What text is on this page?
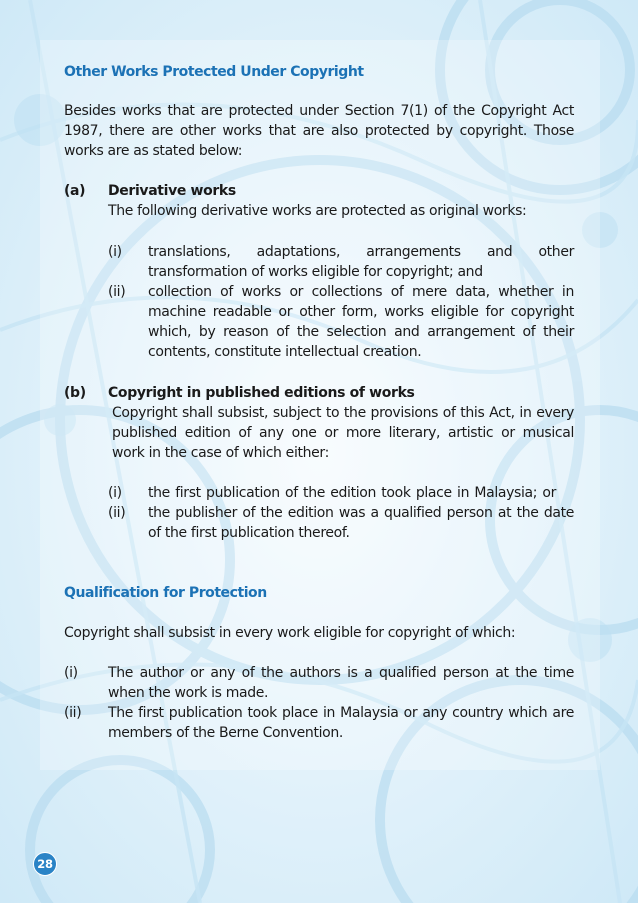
Other Works Protected Under Copyright
Besides works that are protected under Section 7(1) of the Copyright Act
1987, there are other works that are also protected by copyright. Those
works are as stated below:
(a) Derivative works
The following derivative works are protected as original works:
(i) translations, adaptations, arrangements and other
transformation of works eligible for copyright; and
(ii) collection of works or collections of mere data, whether in
machine readable or other form, works eligible for copyright
which, by reason of the selection and arrangement of their
contents, constitute intellectual creation.
(b) Copyright in published editions of works
Copyright shall subsist, subject to the provisions of this Act, in every
published edition of any one or more literary, artistic or musical
work in the case of which either:
(i) the first publication of the edition took place in Malaysia; or
(ii) the publisher of the edition was a qualified person at the date
of the first publication thereof.
Qualification for Protection
Copyright shall subsist in every work eligible for copyright of which:
(i) The author or any of the authors is a qualified person at the time
when the work is made.
(ii) The first publication took place in Malaysia or any country which are
members of the Berne Convention.
28
